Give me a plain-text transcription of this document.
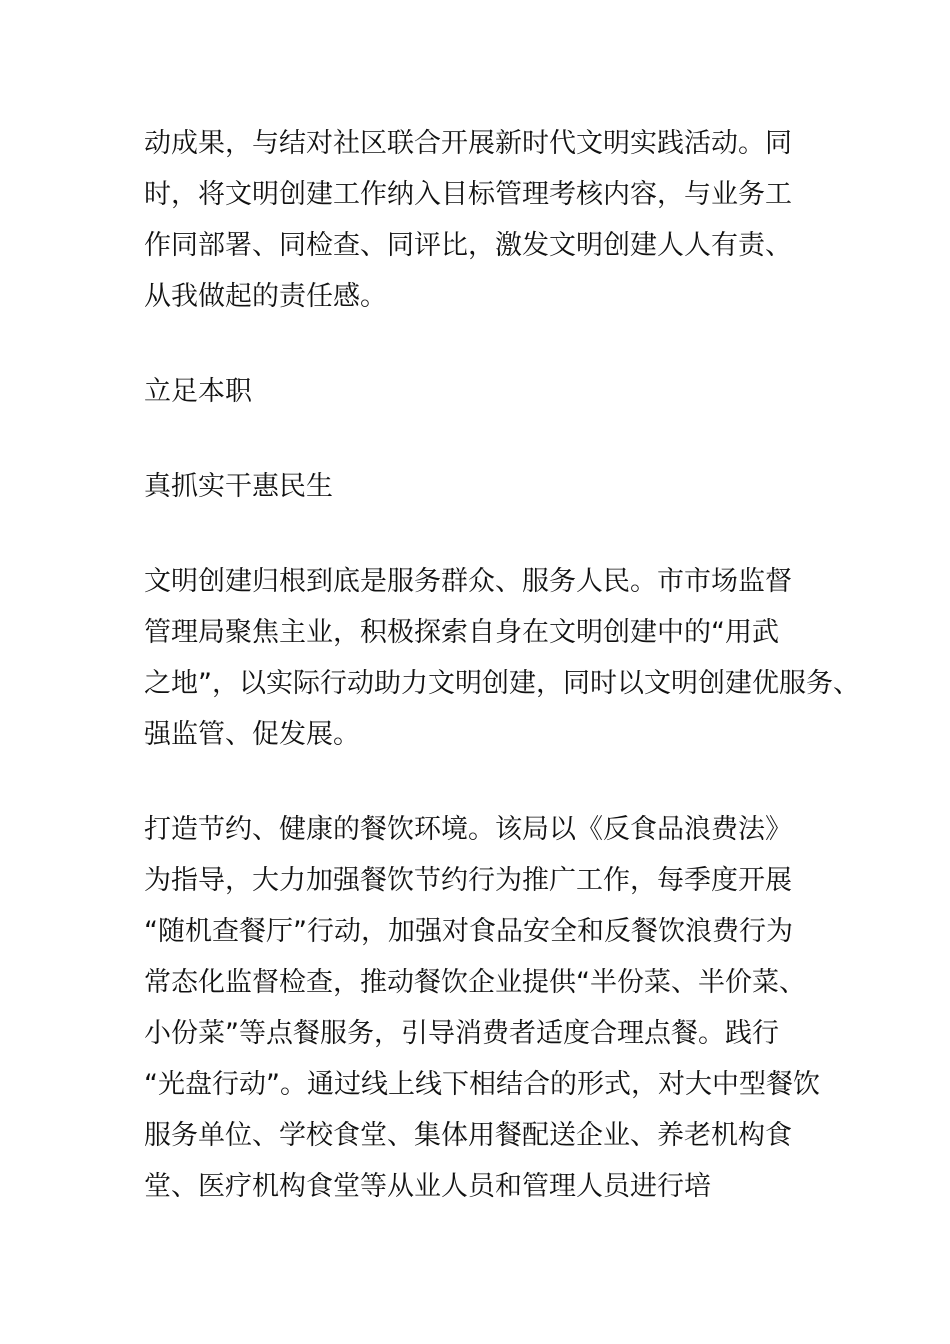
动成果，与结对社区联合开展新时代文明实践活动。同
时，将文明创建工作纳入目标管理考核内容，与业务工
作同部署、同检查、同评比，激发文明创建人人有责、
从我做起的责任感。
立足本职
真抓实干惠民生
文明创建归根到底是服务群众、服务人民。市市场监督
管理局聚焦主业，积极探索自身在文明创建中的“用武
之地”，以实际行动助力文明创建，同时以文明创建优服务、
强监管、促发展。
打造节约、健康的餐饮环境。该局以《反食品浪费法》
为指导，大力加强餐饮节约行为推广工作，每季度开展
“随机查餐厅”行动，加强对食品安全和反餐饮浪费行为
常态化监督检查，推动餐饮企业提供“半份菜、半价菜、
小份菜”等点餐服务，引导消费者适度合理点餐。践行
“光盘行动”。通过线上线下相结合的形式，对大中型餐饮
服务单位、学校食堂、集体用餐配送企业、养老机构食
堂、医疗机构食堂等从业人员和管理人员进行培
